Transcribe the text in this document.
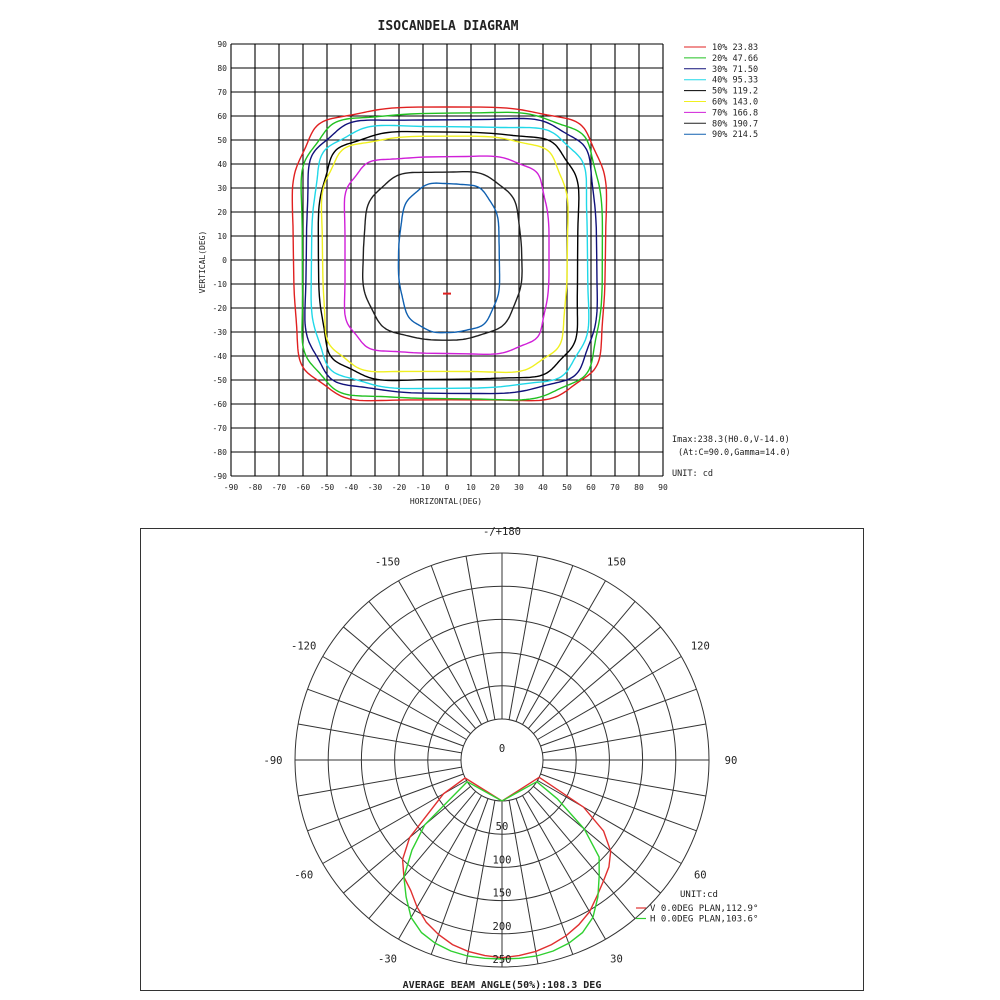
ISOCANDELA DIAGRAM
-90 -80 -70 -60 -50 -40 -30 -20 -10 0 10 20 30 40 50 60 70 80 90
90
80
70
60
50
40
30
20
10
0
-10
-20
-30
-40
-50
-60
-70
-80
-90
HORIZONTAL(DEG)
VERTICAL(DEG)
10% 23.83
20% 47.66
30% 71.50
40% 95.33
50% 119.2
60% 143.0
70% 166.8
80% 190.7
90% 214.5
Imax:238.3(H0.0,V-14.0)
(At:C=90.0,Gamma=14.0)
UNIT: cd
-/+180
-150	150
-120	120
-90	90
-60	60
-30	30
0
50
100
150
200
250
UNIT:cd
V 0.0DEG PLAN,112.9°
H 0.0DEG PLAN,103.6°
AVERAGE BEAM ANGLE(50%):108.3 DEG
